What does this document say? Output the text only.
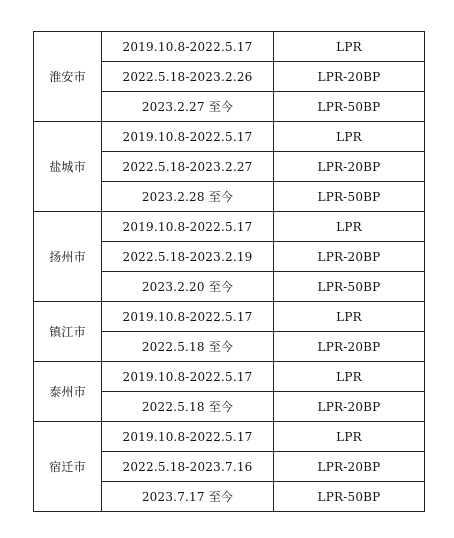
淮安市	2019.10.8-2022.5.17	LPR
	2022.5.18-2023.2.26	LPR-20BP
	2023.2.27 至今	LPR-50BP
盐城市	2019.10.8-2022.5.17	LPR
	2022.5.18-2023.2.27	LPR-20BP
	2023.2.28 至今	LPR-50BP
扬州市	2019.10.8-2022.5.17	LPR
	2022.5.18-2023.2.19	LPR-20BP
	2023.2.20 至今	LPR-50BP
镇江市	2019.10.8-2022.5.17	LPR
	2022.5.18 至今	LPR-20BP
泰州市	2019.10.8-2022.5.17	LPR
	2022.5.18 至今	LPR-20BP
宿迁市	2019.10.8-2022.5.17	LPR
	2022.5.18-2023.7.16	LPR-20BP
	2023.7.17 至今	LPR-50BP
